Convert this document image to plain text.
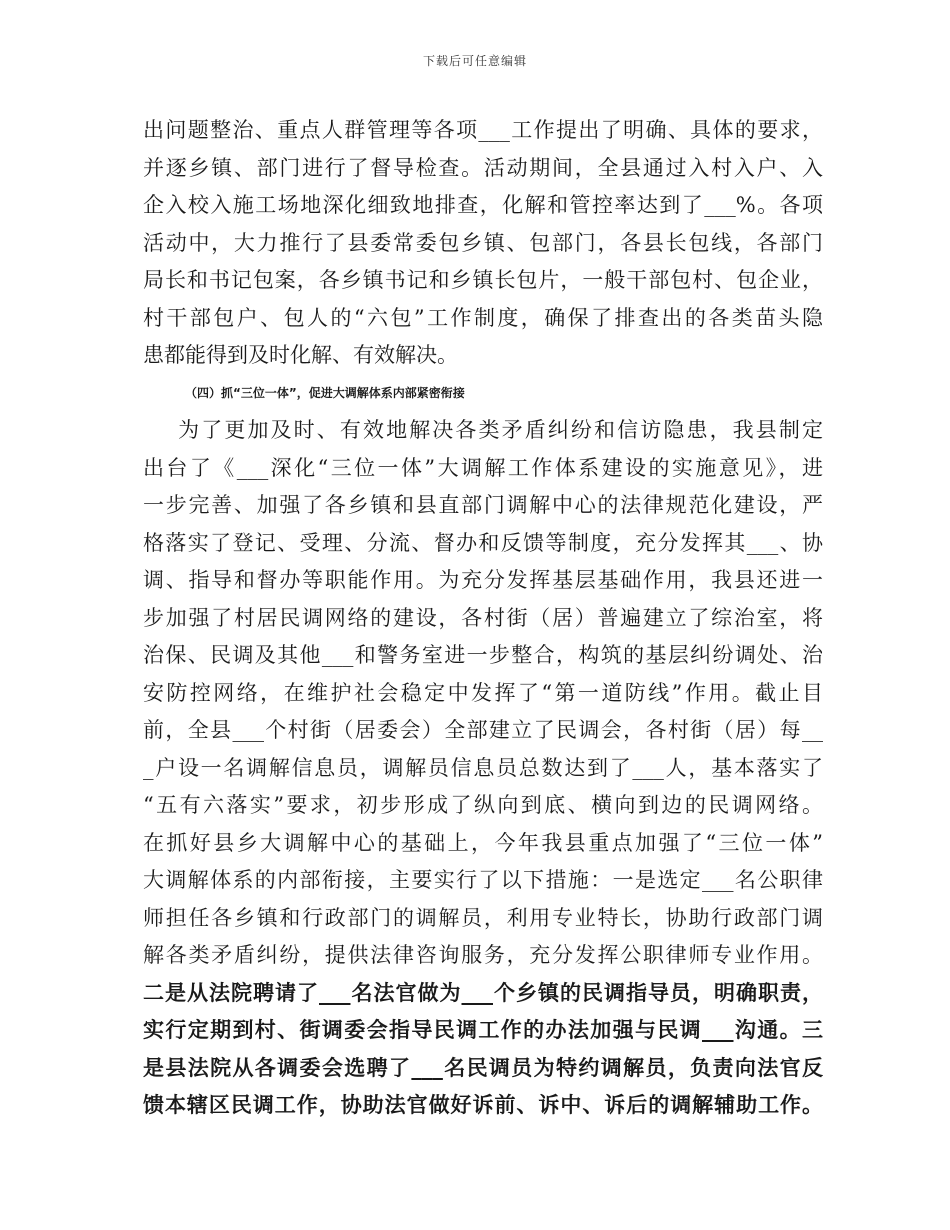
下载后可任意编辑
出问题整治、重点人群管理等各项___工作提出了明确、具体的要求，
并逐乡镇、部门进行了督导检查。活动期间，全县通过入村入户、入
企入校入施工场地深化细致地排查，化解和管控率达到了___%。各项
活动中，大力推行了县委常委包乡镇、包部门，各县长包线，各部门
局长和书记包案，各乡镇书记和乡镇长包片，一般干部包村、包企业，
村干部包户、包人的“六包”工作制度，确保了排查出的各类苗头隐
患都能得到及时化解、有效解决。
（四）抓“三位一体”，促进大调解体系内部紧密衔接
为了更加及时、有效地解决各类矛盾纠纷和信访隐患，我县制定
出台了《___深化“三位一体”大调解工作体系建设的实施意见》，进
一步完善、加强了各乡镇和县直部门调解中心的法律规范化建设，严
格落实了登记、受理、分流、督办和反馈等制度，充分发挥其___、协
调、指导和督办等职能作用。为充分发挥基层基础作用，我县还进一
步加强了村居民调网络的建设，各村街（居）普遍建立了综治室，将
治保、民调及其他___和警务室进一步整合，构筑的基层纠纷调处、治
安防控网络，在维护社会稳定中发挥了“第一道防线”作用。截止目
前，全县___个村街（居委会）全部建立了民调会，各村街（居）每__
_户设一名调解信息员，调解员信息员总数达到了___人，基本落实了
“五有六落实”要求，初步形成了纵向到底、横向到边的民调网络。
在抓好县乡大调解中心的基础上，今年我县重点加强了“三位一体”
大调解体系的内部衔接，主要实行了以下措施：一是选定___名公职律
师担任各乡镇和行政部门的调解员，利用专业特长，协助行政部门调
解各类矛盾纠纷，提供法律咨询服务，充分发挥公职律师专业作用。
二是从法院聘请了___名法官做为___个乡镇的民调指导员，明确职责，
实行定期到村、街调委会指导民调工作的办法加强与民调___沟通。三
是县法院从各调委会选聘了___名民调员为特约调解员，负责向法官反
馈本辖区民调工作，协助法官做好诉前、诉中、诉后的调解辅助工作。
